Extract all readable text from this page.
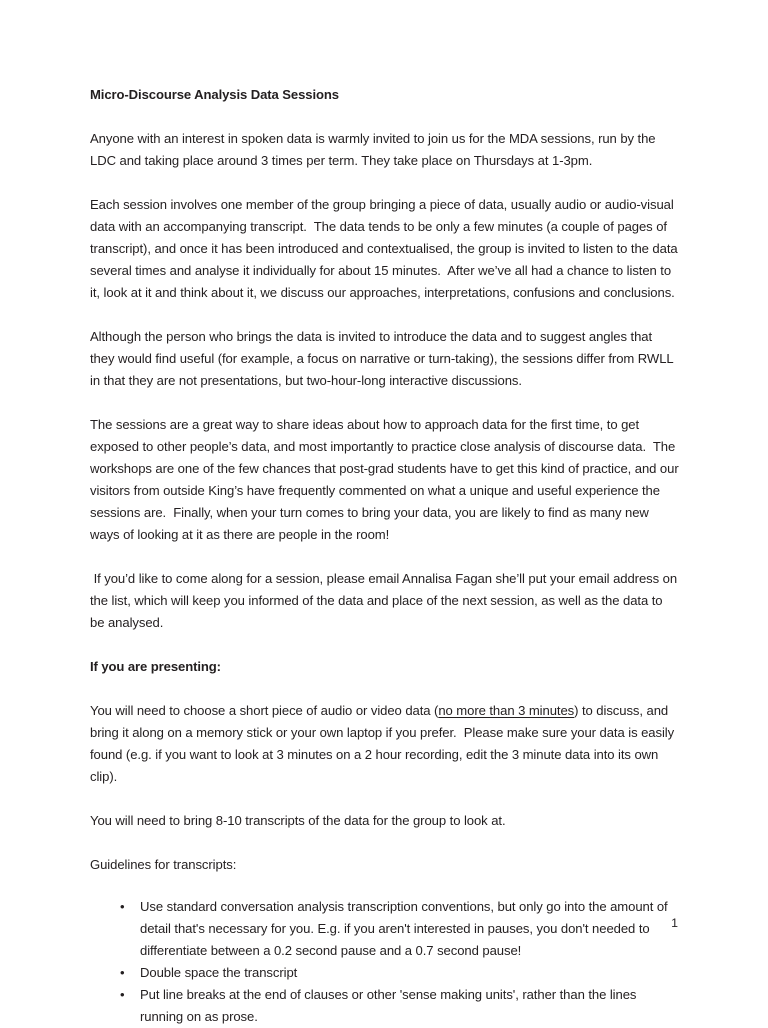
Micro-Discourse Analysis Data Sessions

Anyone with an interest in spoken data is warmly invited to join us for the MDA sessions, run by the LDC and taking place around 3 times per term. They take place on Thursdays at 1-3pm.

Each session involves one member of the group bringing a piece of data, usually audio or audio-visual data with an accompanying transcript.  The data tends to be only a few minutes (a couple of pages of transcript), and once it has been introduced and contextualised, the group is invited to listen to the data several times and analyse it individually for about 15 minutes.  After we’ve all had a chance to listen to it, look at it and think about it, we discuss our approaches, interpretations, confusions and conclusions.

Although the person who brings the data is invited to introduce the data and to suggest angles that they would find useful (for example, a focus on narrative or turn-taking), the sessions differ from RWLL in that they are not presentations, but two-hour-long interactive discussions.

The sessions are a great way to share ideas about how to approach data for the first time, to get exposed to other people’s data, and most importantly to practice close analysis of discourse data.  The workshops are one of the few chances that post-grad students have to get this kind of practice, and our visitors from outside King’s have frequently commented on what a unique and useful experience the sessions are.  Finally, when your turn comes to bring your data, you are likely to find as many new ways of looking at it as there are people in the room!

If you’d like to come along for a session, please email Annalisa Fagan she’ll put your email address on the list, which will keep you informed of the data and place of the next session, as well as the data to be analysed.

If you are presenting:

You will need to choose a short piece of audio or video data (no more than 3 minutes) to discuss, and bring it along on a memory stick or your own laptop if you prefer.  Please make sure your data is easily found (e.g. if you want to look at 3 minutes on a 2 hour recording, edit the 3 minute data into its own clip).

You will need to bring 8-10 transcripts of the data for the group to look at.

Guidelines for transcripts:

• Use standard conversation analysis transcription conventions, but only go into the amount of detail that's necessary for you. E.g. if you aren't interested in pauses, you don't needed to differentiate between a 0.2 second pause and a 0.7 second pause!
• Double space the transcript
• Put line breaks at the end of clauses or other 'sense making units', rather than the lines running on as prose.
1
